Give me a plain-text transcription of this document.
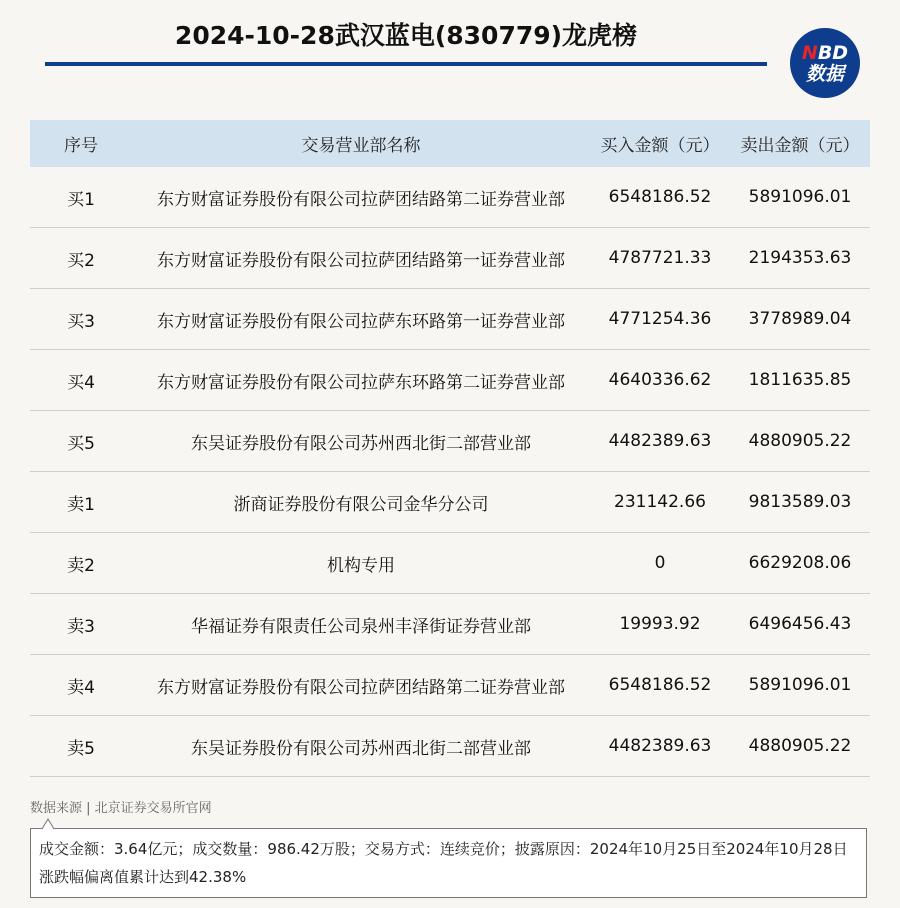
2024-10-28武汉蓝电(830779)龙虎榜
NBD
数据
序号	交易营业部名称	买入金额（元）	卖出金额（元）
买1	东方财富证券股份有限公司拉萨团结路第二证券营业部	6548186.52	5891096.01
买2	东方财富证券股份有限公司拉萨团结路第一证券营业部	4787721.33	2194353.63
买3	东方财富证券股份有限公司拉萨东环路第一证券营业部	4771254.36	3778989.04
买4	东方财富证券股份有限公司拉萨东环路第二证券营业部	4640336.62	1811635.85
买5	东吴证券股份有限公司苏州西北街二部营业部	4482389.63	4880905.22
卖1	浙商证券股份有限公司金华分公司	231142.66	9813589.03
卖2	机构专用	0	6629208.06
卖3	华福证券有限责任公司泉州丰泽街证券营业部	19993.92	6496456.43
卖4	东方财富证券股份有限公司拉萨团结路第二证券营业部	6548186.52	5891096.01
卖5	东吴证券股份有限公司苏州西北街二部营业部	4482389.63	4880905.22
数据来源 | 北京证券交易所官网
成交金额：3.64亿元；成交数量：986.42万股；交易方式：连续竞价；披露原因：2024年10月25日至2024年10月28日涨跌幅偏离值累计达到42.38%
